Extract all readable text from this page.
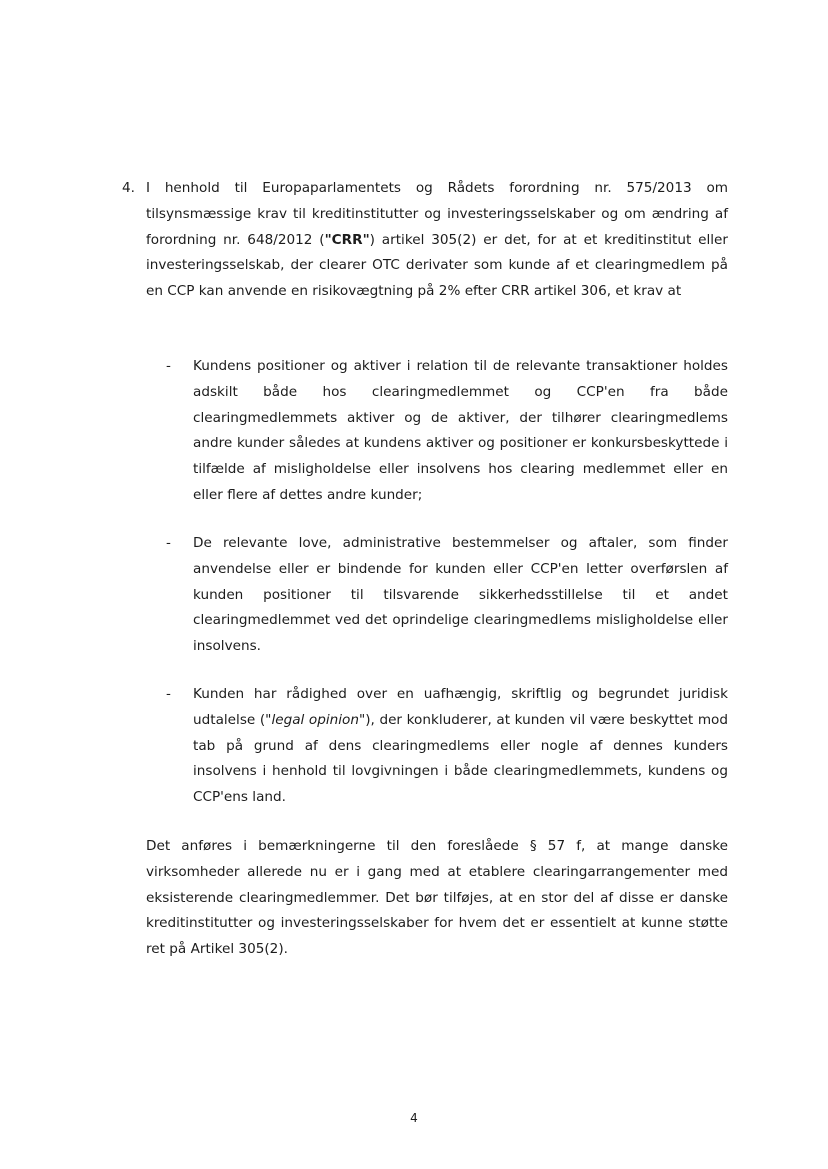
4. I henhold til Europaparlamentets og Rådets forordning nr. 575/2013 om tilsynsmæssige krav til kreditinstitutter og investeringsselskaber og om ændring af forordning nr. 648/2012 ("CRR") artikel 305(2) er det, for at et kreditinstitut eller investeringsselskab, der clearer OTC derivater som kunde af et clearingmedlem på en CCP kan anvende en risikovægtning på 2% efter CRR artikel 306, et krav at

-	Kundens positioner og aktiver i relation til de relevante transaktioner holdes adskilt både hos clearingmedlemmet og CCP'en fra både clearingmedlemmets aktiver og de aktiver, der tilhører clearingmedlems andre kunder således at kundens aktiver og positioner er konkursbeskyttede i tilfælde af misligholdelse eller insolvens hos clearing medlemmet eller en eller flere af dettes andre kunder;

-	De relevante love, administrative bestemmelser og aftaler, som finder anvendelse eller er bindende for kunden eller CCP'en letter overførslen af kunden positioner til tilsvarende sikkerhedsstillelse til et andet clearingmedlemmet ved det oprindelige clearingmedlems misligholdelse eller insolvens.

-	Kunden har rådighed over en uafhængig, skriftlig og begrundet juridisk udtalelse ("legal opinion"), der konkluderer, at kunden vil være beskyttet mod tab på grund af dens clearingmedlems eller nogle af dennes kunders insolvens i henhold til lovgivningen i både clearingmedlemmets, kundens og CCP'ens land.

Det anføres i bemærkningerne til den foreslåede § 57 f, at mange danske virksomheder allerede nu er i gang med at etablere clearingarrangementer med eksisterende clearingmedlemmer. Det bør tilføjes, at en stor del af disse er danske kreditinstitutter og investeringsselskaber for hvem det er essentielt at kunne støtte ret på Artikel 305(2).

4
